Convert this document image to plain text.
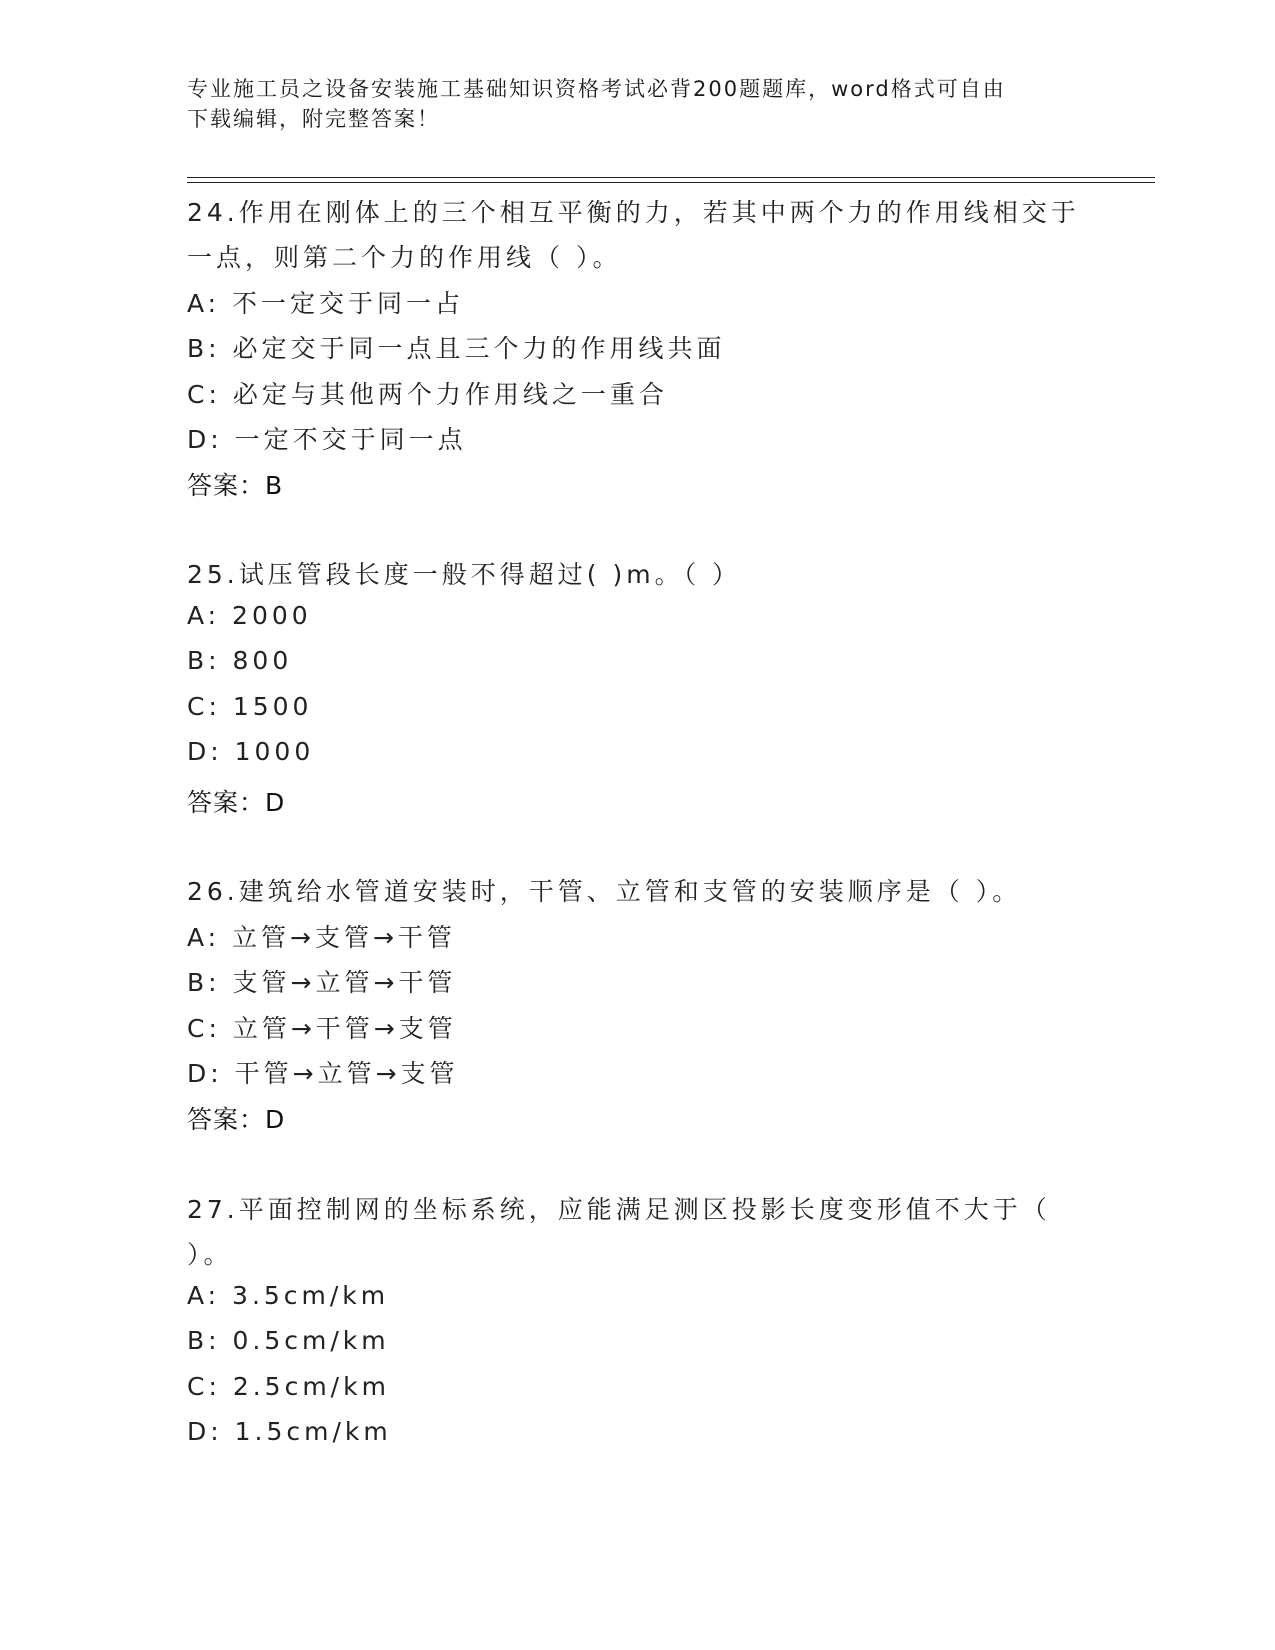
专业施工员之设备安装施工基础知识资格考试必背200题题库，word格式可自由
下载编辑，附完整答案！
24.作用在刚体上的三个相互平衡的力，若其中两个力的作用线相交于
一点，则第二个力的作用线（ ）。
A: 不一定交于同一占
B: 必定交于同一点且三个力的作用线共面
C: 必定与其他两个力作用线之一重合
D: 一定不交于同一点
答案：B
25.试压管段长度一般不得超过( )m。（ ）
A: 2000
B: 800
C: 1500
D: 1000
答案：D
26.建筑给水管道安装时，干管、立管和支管的安装顺序是（ ）。
A: 立管→支管→干管
B: 支管→立管→干管
C: 立管→干管→支管
D: 干管→立管→支管
答案：D
27.平面控制网的坐标系统，应能满足测区投影长度变形值不大于（
）。
A: 3.5cm/km
B: 0.5cm/km
C: 2.5cm/km
D: 1.5cm/km
